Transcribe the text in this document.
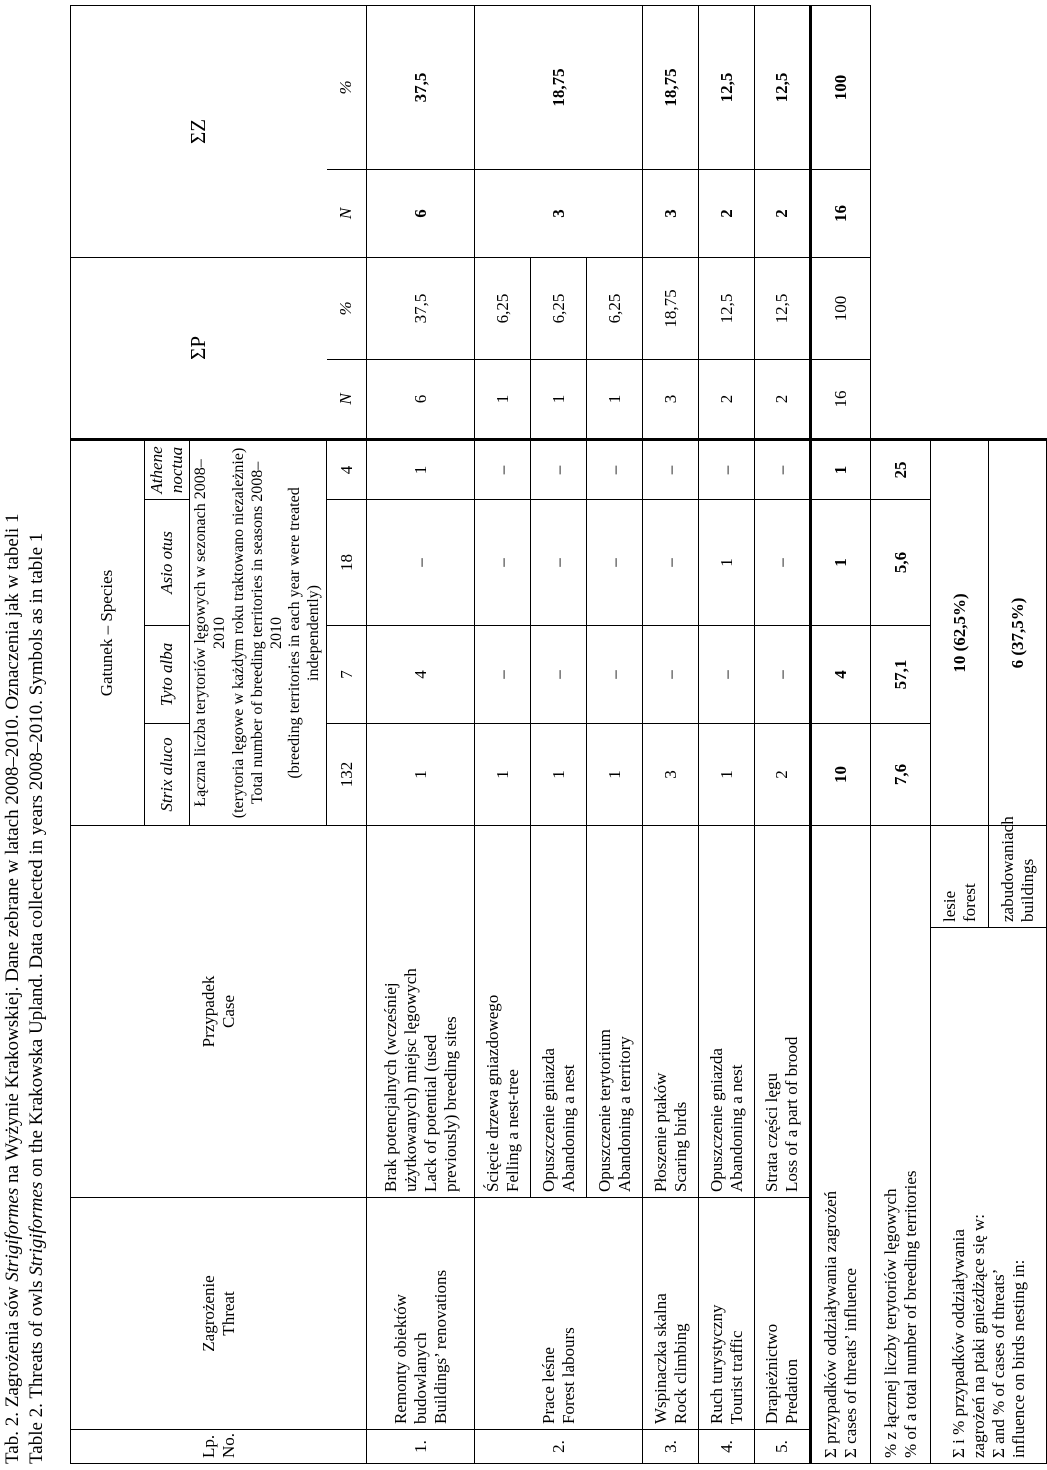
Tab. 2. Zagrożenia sów Strigiformes na Wyżynie Krakowskiej. Dane zebrane w latach 2008–2010. Oznaczenia jak w tabeli 1
Table 2. Threats of owls Strigiformes on the Krakowska Upland. Data collected in years 2008–2010. Symbols as in table 1
Lp.
No.	Zagrożenie
Threat	Przypadek
Case		Gatunek – Species				ΣP		ΣZ	
				Strix aluco	Tyto alba	Asio otus	Athene noctua				
				Łączna liczba terytoriów lęgowych w sezonach 2008–2010 (terytoria lęgowe w każdym roku traktowano niezależnie) Total number of breeding territories in seasons 2008–2010 (breeding territories in each year were treated independently)							
				132	7	18	4	N	%	N	%
1.	Remonty obiektów
budowlanych
Buildings’ renovations	Brak potencjalnych (wcześniej
użytkowanych) miejsc lęgowych
Lack of potential (used
previously) breeding sites		1	4	–	1	6	37,5	6	37,5
2.	Prace leśne
Forest labours	Ścięcie drzewa gniazdowego
Felling a nest-tree		1	–	–	–	1	6,25	3	18,75
		Opuszczenie gniazda
Abandoning a nest		1	–	–	–	1	6,25		
		Opuszczenie terytorium
Abandoning a territory		1	–	–	–	1	6,25		
3.	Wspinaczka skalna
Rock climbing	Płoszenie ptaków
Scaring birds		3	–	–	–	3	18,75	3	18,75
4.	Ruch turystyczny
Tourist traffic	Opuszczenie gniazda
Abandoning a nest		1	–	1	–	2	12,5	2	12,5
5.	Drapieżnictwo
Predation	Strata części lęgu
Loss of a part of brood		2	–	–	–	2	12,5	2	12,5
Σ przypadków oddziaływania zagrożeń
Σ cases of threats’ influence				10	4	1	1	16	100	16	100
% z łącznej liczby terytoriów lęgowych
% of a total number of breeding territories				7,6	57,1	5,6	25				
Σ i % przypadków oddziaływania
zagrożeń na ptaki gnieżdżące się w:
Σ and % of cases of threats’
influence on birds nesting in:			lesie
forest	10 (62,5%)							
			zabudowaniach
buildings	6 (37,5%)							
